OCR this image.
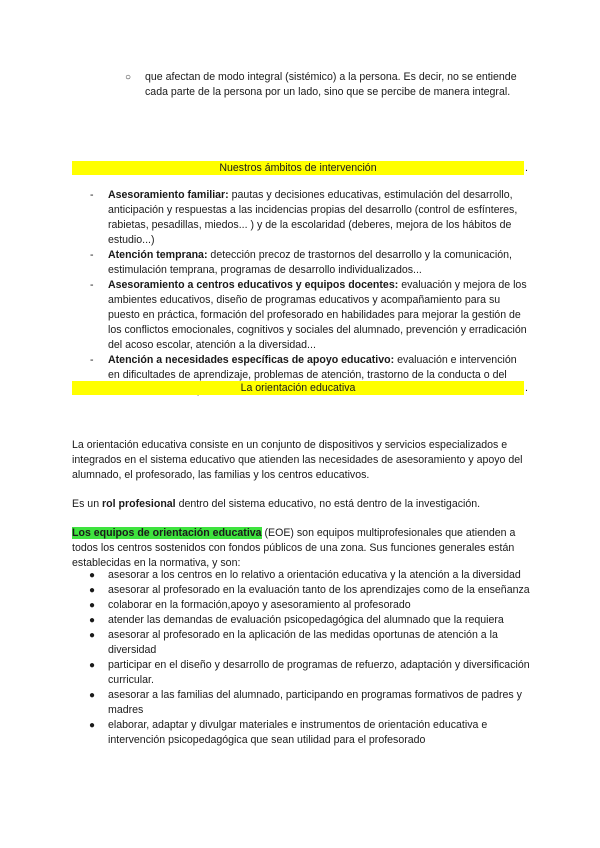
○ que afectan de modo integral (sistémico) a la persona. Es decir, no se entiende cada parte de la persona por un lado, sino que se percibe de manera integral.
Nuestros ámbitos de intervención	.
- Asesoramiento familiar: pautas y decisiones educativas, estimulación del desarrollo, anticipación y respuestas a las incidencias propias del desarrollo (control de esfínteres, rabietas, pesadillas, miedos... ) y de la escolaridad (deberes, mejora de los hábitos de estudio...)
- Atención temprana: detección precoz de trastornos del desarrollo y la comunicación, estimulación temprana, programas de desarrollo individualizados...
- Asesoramiento a centros educativos y equipos docentes: evaluación y mejora de los ambientes educativos, diseño de programas educativos y acompañamiento para su puesto en práctica, formación del profesorado en habilidades para mejorar la gestión de los conflictos emocionales, cognitivos y sociales del alumnado, prevención y erradicación del acoso escolar, atención a la diversidad...
- Atención a necesidades específicas de apoyo educativo: evaluación e intervención en dificultades de aprendizaje, problemas de atención, trastorno de la conducta o del
La orientación educativa	.

La orientación educativa consiste en un conjunto de dispositivos y servicios especializados e integrados en el sistema educativo que atienden las necesidades de asesoramiento y apoyo del alumnado, el profesorado, las familias y los centros educativos.

Es un rol profesional dentro del sistema educativo, no está dentro de la investigación.

Los equipos de orientación educativa (EOE) son equipos multiprofesionales que atienden a todos los centros sostenidos con fondos públicos de una zona. Sus funciones generales están establecidas en la normativa, y son:

● asesorar a los centros en lo relativo a orientación educativa y la atención a la diversidad
● asesorar al profesorado en la evaluación tanto de los aprendizajes como de la enseñanza
● colaborar en la formación,apoyo y asesoramiento al profesorado
● atender las demandas de evaluación psicopedagógica del alumnado que la requiera
● asesorar al profesorado en la aplicación de las medidas oportunas de atención a la diversidad
● participar en el diseño y desarrollo de programas de refuerzo, adaptación y diversificación curricular.
● asesorar a las familias del alumnado, participando en programas formativos de padres y madres
● elaborar, adaptar y divulgar materiales e instrumentos de orientación educativa e intervención psicopedagógica que sean utilidad para el profesorado
